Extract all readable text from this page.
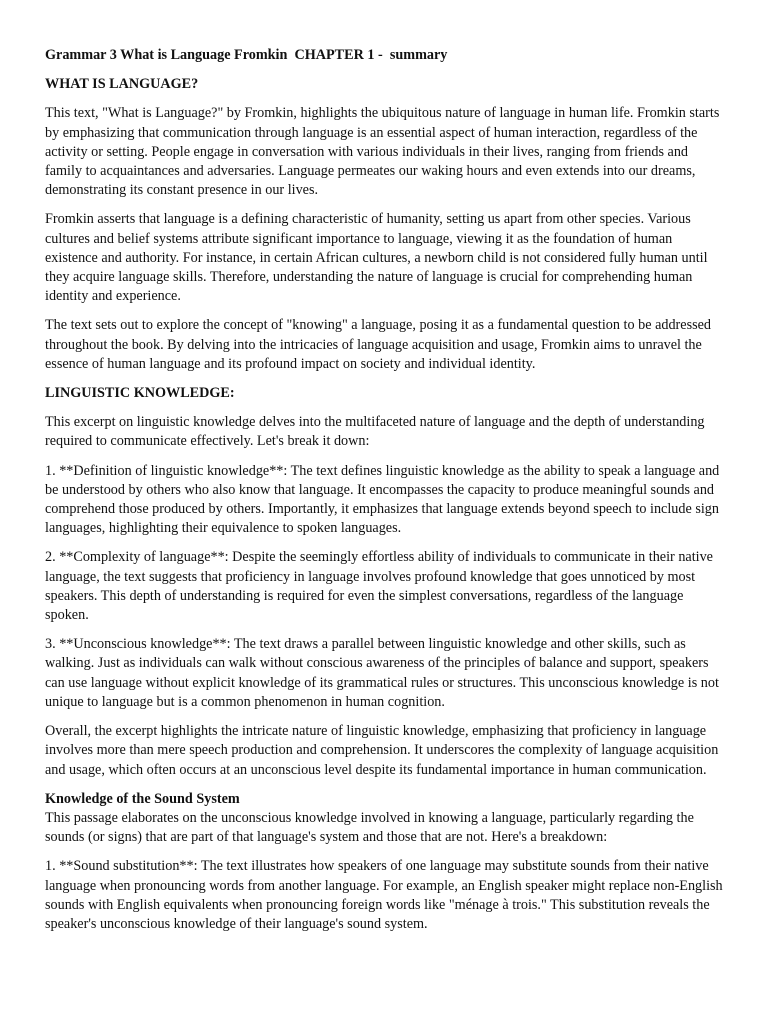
Grammar 3 What is Language Fromkin  CHAPTER 1 -  summary
WHAT IS LANGUAGE?

This text, "What is Language?" by Fromkin, highlights the ubiquitous nature of language in human life. Fromkin starts by emphasizing that communication through language is an essential aspect of human interaction, regardless of the activity or setting. People engage in conversation with various individuals in their lives, ranging from friends and family to acquaintances and adversaries. Language permeates our waking hours and even extends into our dreams, demonstrating its constant presence in our lives.

Fromkin asserts that language is a defining characteristic of humanity, setting us apart from other species. Various cultures and belief systems attribute significant importance to language, viewing it as the foundation of human existence and authority. For instance, in certain African cultures, a newborn child is not considered fully human until they acquire language skills. Therefore, understanding the nature of language is crucial for comprehending human identity and experience.

The text sets out to explore the concept of "knowing" a language, posing it as a fundamental question to be addressed throughout the book. By delving into the intricacies of language acquisition and usage, Fromkin aims to unravel the essence of human language and its profound impact on society and individual identity.

LINGUISTIC KNOWLEDGE:

This excerpt on linguistic knowledge delves into the multifaceted nature of language and the depth of understanding required to communicate effectively. Let's break it down:

1. **Definition of linguistic knowledge**: The text defines linguistic knowledge as the ability to speak a language and be understood by others who also know that language. It encompasses the capacity to produce meaningful sounds and comprehend those produced by others. Importantly, it emphasizes that language extends beyond speech to include sign languages, highlighting their equivalence to spoken languages.

2. **Complexity of language**: Despite the seemingly effortless ability of individuals to communicate in their native language, the text suggests that proficiency in language involves profound knowledge that goes unnoticed by most speakers. This depth of understanding is required for even the simplest conversations, regardless of the language spoken.

3. **Unconscious knowledge**: The text draws a parallel between linguistic knowledge and other skills, such as walking. Just as individuals can walk without conscious awareness of the principles of balance and support, speakers can use language without explicit knowledge of its grammatical rules or structures. This unconscious knowledge is not unique to language but is a common phenomenon in human cognition.

Overall, the excerpt highlights the intricate nature of linguistic knowledge, emphasizing that proficiency in language involves more than mere speech production and comprehension. It underscores the complexity of language acquisition and usage, which often occurs at an unconscious level despite its fundamental importance in human communication.

Knowledge of the Sound System

This passage elaborates on the unconscious knowledge involved in knowing a language, particularly regarding the sounds (or signs) that are part of that language's system and those that are not. Here's a breakdown:

1. **Sound substitution**: The text illustrates how speakers of one language may substitute sounds from their native language when pronouncing words from another language. For example, an English speaker might replace non-English sounds with English equivalents when pronouncing foreign words like "ménage à trois." This substitution reveals the speaker's unconscious knowledge of their language's sound system.
